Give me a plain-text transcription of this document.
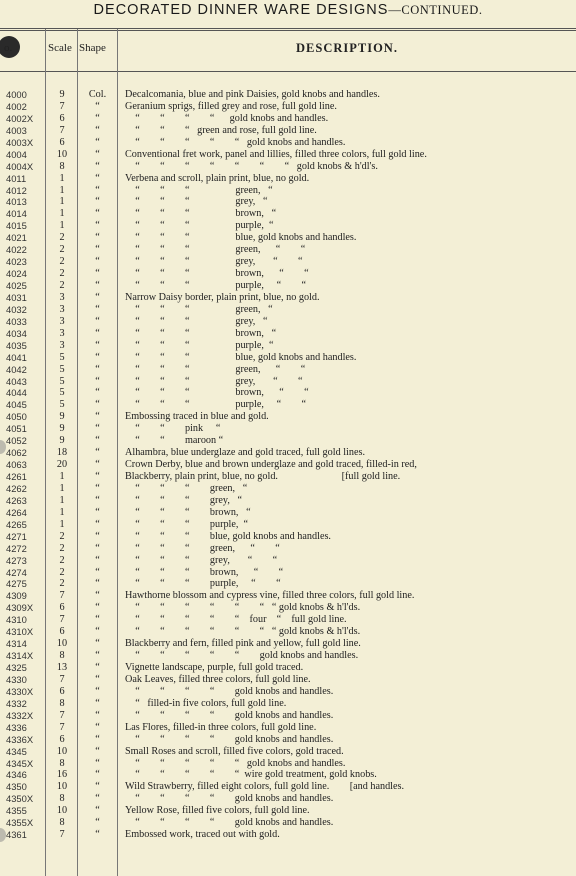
DECORATED DINNER WARE DESIGNS—CONTINUED.
o.	Scale Shape	DESCRIPTION.
4000	9	Col.	Decalcomania, blue and pink Daisies, gold knobs and handles.
4002	7	“	Geranium sprigs, filled grey and rose, full gold line.
4002X	6	“	“        “        “        “      gold knobs and handles.
4003	7	“	“        “        “   green and rose, full gold line.
4003X	6	“	“        “        “        “        “   gold knobs and handles.
4004	10	“	Conventional fret work, panel and lillies, filled three colors, full gold line.
4004X	8	“	“        “        “        “        “        “        “   gold knobs & h'dl's.
4011	1	“	Verbena and scroll, plain print, blue, no gold.
4012	1	“	“        “        “                  green,   “
4013	1	“	“        “        “                  grey,   “
4014	1	“	“        “        “                  brown,   “
4015	1	“	“        “        “                  purple,  “
4021	2	“	“        “        “                  blue, gold knobs and handles.
4022	2	“	“        “        “                  green,      “        “
4023	2	“	“        “        “                  grey,       “        “
4024	2	“	“        “        “                  brown,      “        “
4025	2	“	“        “        “                  purple,     “        “
4031	3	“	Narrow Daisy border, plain print, blue, no gold.
4032	3	“	“        “        “                  green,   “
4033	3	“	“        “        “                  grey,   “
4034	3	“	“        “        “                  brown,   “
4035	3	“	“        “        “                  purple,  “
4041	5	“	“        “        “                  blue, gold knobs and handles.
4042	5	“	“        “        “                  green,      “        “
4043	5	“	“        “        “                  grey,       “        “
4044	5	“	“        “        “                  brown,      “        “
4045	5	“	“        “        “                  purple,     “        “
4050	9	“	Embossing traced in blue and gold.
4051	9	“	“        “        pink     “
4052	9	“	“        “        maroon “
4062	18	“	Alhambra, blue underglaze and gold traced, full gold lines.
4063	20	“	Crown Derby, blue and brown underglaze and gold traced, filled-in red,
4261	1	“	Blackberry, plain print, blue, no gold.                         [full gold line.
4262	1	“	“        “        “        green,   “
4263	1	“	“        “        “        grey,   “
4264	1	“	“        “        “        brown,   “
4265	1	“	“        “        “        purple,  “
4271	2	“	“        “        “        blue, gold knobs and handles.
4272	2	“	“        “        “        green,      “        “
4273	2	“	“        “        “        grey,       “        “
4274	2	“	“        “        “        brown,      “        “
4275	2	“	“        “        “        purple,     “        “
4309	7	“	Hawthorne blossom and cypress vine, filled three colors, full gold line.
4309X	6	“	“        “        “        “        “        “   “ gold knobs & h'l'ds.
4310	7	“	“        “        “        “        “    four    “    full gold line.
4310X	6	“	“        “        “        “        “        “   “ gold knobs & h'l'ds.
4314	10	“	Blackberry and fern, filled pink and yellow, full gold line.
4314X	8	“	“        “        “        “        “        gold knobs and handles.
4325	13	“	Vignette landscape, purple, full gold traced.
4330	7	“	Oak Leaves, filled three colors, full gold line.
4330X	6	“	“        “        “        “        gold knobs and handles.
4332	8	“	“   filled-in five colors, full gold line.
4332X	7	“	“        “        “        “        gold knobs and handles.
4336	7	“	Las Flores, filled-in three colors, full gold line.
4336X	6	“	“        “        “        “        gold knobs and handles.
4345	10	“	Small Roses and scroll, filled five colors, gold traced.
4345X	8	“	“        “        “        “        “   gold knobs and handles.
4346	16	“	“        “        “        “        “  wire gold treatment, gold knobs.
4350	10	“	Wild Strawberry, filled eight colors, full gold line.        [and handles.
4350X	8	“	“        “        “        “        gold knobs and handles.
4355	10	“	Yellow Rose, filled five colors, full gold line.
4355X	8	“	“        “        “        “        gold knobs and handles.
4361	7	“	Embossed work, traced out with gold.
